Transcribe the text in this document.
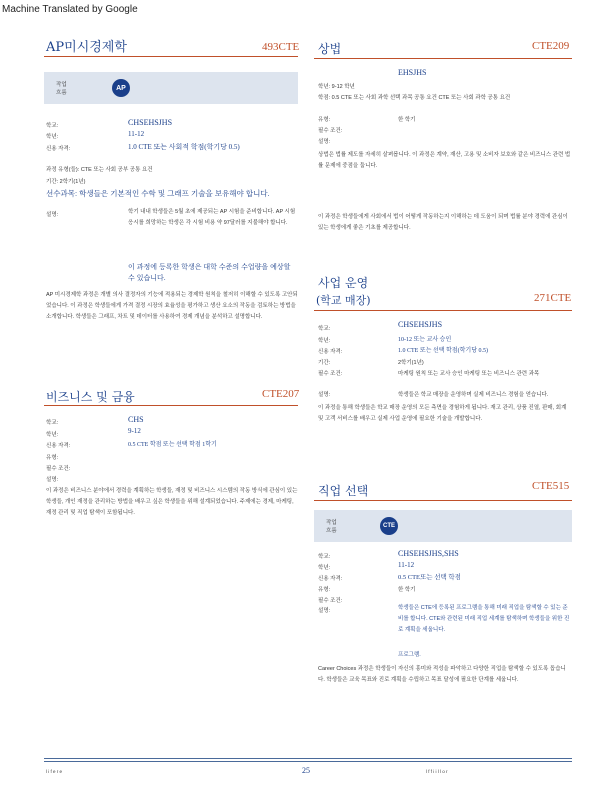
Machine Translated by Google
AP미시경제학	493CTE
작업
흐름
AP
학교:	CHSEHSJHS
학년:	11-12
신용 자격:	1.0 CTE 또는 사회적 학점(학기당 0.5)
과정 유형(들): CTE 또는 사회 공부 공통 요건
기간: 2학기(1년)
선수과목: 학생들은 기본적인 수학 및 그래프 기술을 보유해야 합니다.
설명:	학기 내내 학생들은 5월 초에 제공되는 AP 시험을 준비합니다. AP 시험 응시를 희망하는 학생은 각 시험 비용 약 97달러를 지불해야 합니다.
이 과정에 등록한 학생은 대학 수준의 수업량을 예상할 수 있습니다.
AP 미시경제학 과정은 개별 의사 결정자의 기능에 적용되는 경제학 원칙을 철저히 이해할 수 있도록 고안되었습니다. 이 과정은 학생들에게 가격 결정 시장의 효율성을 평가하고 생산 요소의 작동을 검토하는 방법을 소개합니다. 학생들은 그래프, 차트 및 데이터를 사용하여 경제 개념을 분석하고 설명합니다.
비즈니스 및 금융	CTE207
학교:	CHS
학년:	9-12
신용 자격:	0.5 CTE 학점 또는 선택 학점 1학기
유형:
필수 조건:
설명:
이 과정은 비즈니스 분야에서 경력을 계획하는 학생들, 재정 및 비즈니스 시스템의 작동 방식에 관심이 있는 학생들, 개인 재정을 관리하는 방법을 배우고 싶은 학생들을 위해 설계되었습니다. 주제에는 경제, 마케팅, 재정 관리 및 직업 탐색이 포함됩니다.
상법	CTE209
EHSJHS
학년: 9-12 학년
학점: 0.5 CTE 또는 사회 과학 선택 과목 공통 요건 CTE 또는 사회 과학 공통 요건
유형:	한 학기
필수 조건:
설명:
상법은 법률 제도를 자세히 살펴봅니다. 이 과정은 계약, 재산, 고용 및 소비자 보호와 같은 비즈니스 관련 법률 문제에 중점을 둡니다.
이 과정은 학생들에게 사회에서 법이 어떻게 작동하는지 이해하는 데 도움이 되며 법률 분야 경력에 관심이 있는 학생에게 좋은 기초를 제공합니다.
사업 운영
(학교 매장)	271CTE
학교:	CHSEHSJHS
학년:	10-12 또는 교사 승인
신용 자격:	1.0 CTE 또는 선택 학점(학기당 0.5)
기간:	2학기(1년)
필수 조건:	마케팅 원칙 또는 교사 승인 마케팅 또는 비즈니스 관련 과목
설명:	학생들은 학교 매장을 운영하며 실제 비즈니스 경험을 얻습니다.
이 과정을 통해 학생들은 학교 매장 운영의 모든 측면을 경험하게 됩니다. 재고 관리, 상품 진열, 판매, 회계 및 고객 서비스를 배우고 실제 사업 운영에 필요한 기술을 개발합니다.
직업 선택	CTE515
작업
흐름
CTE
학교:	CHSEHSJHS,SHS
학년:	11-12
신용 자격:	0.5 CTE또는 선택 학점
유형:	한 학기
필수 조건:
설명:	학생들은 CTE에 등록된 프로그램을 통해 미래 직업을 탐색할 수 있는 준비를 합니다. CTE와 관련된 미래 직업 세계를 탐색하며 학생들을 위한 진로 계획을 세웁니다.
프로그램.
Career Choices 과정은 학생들이 자신의 흥미와 적성을 파악하고 다양한 직업을 탐색할 수 있도록 돕습니다. 학생들은 교육 목표와 진로 계획을 수립하고 목표 달성에 필요한 단계를 세웁니다.
l i f e r e	25	l f f i i l l o r
